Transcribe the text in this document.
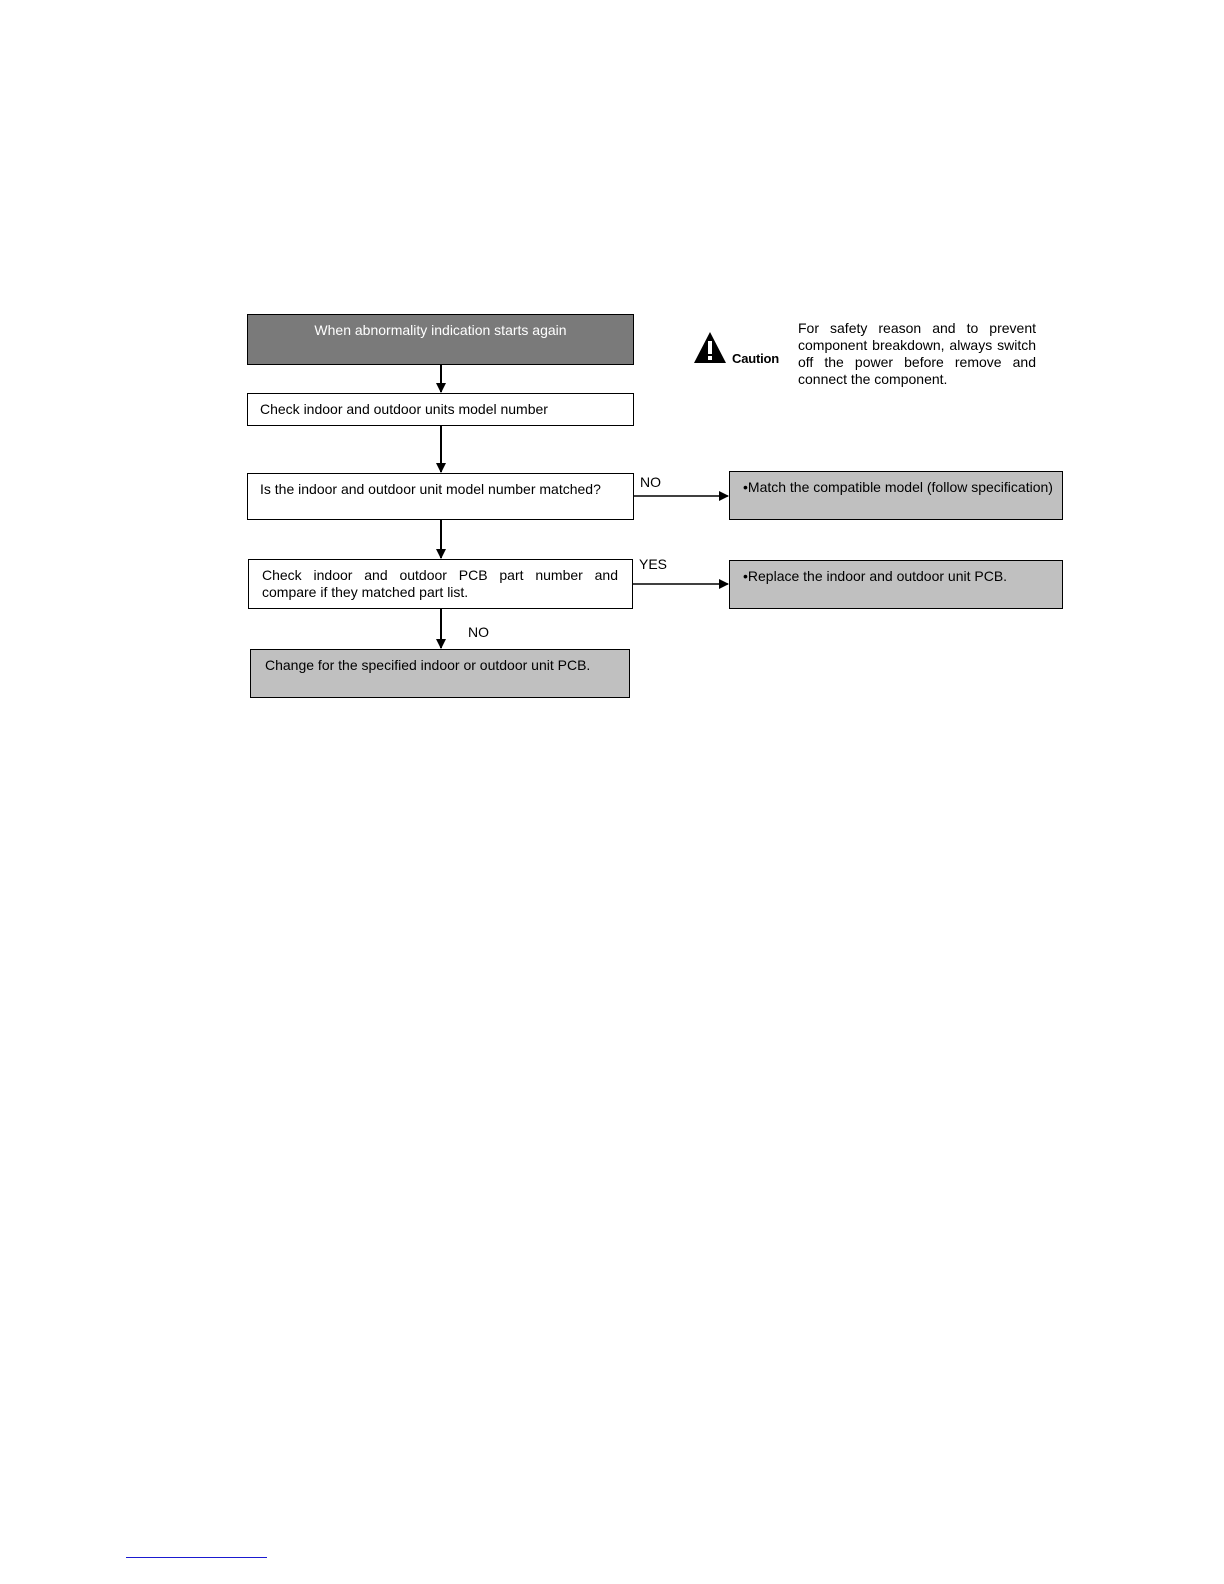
When abnormality indication starts again
Check indoor and outdoor units model number
Is the indoor and outdoor unit model number matched?
Check indoor and outdoor PCB part number and compare if they matched part list.
•Match the compatible model (follow specification)
•Replace the indoor and outdoor unit PCB.
Change for the specified indoor or outdoor unit PCB.
NO
YES
NO
Caution
For safety reason and to prevent component breakdown, always switch off the power before remove and connect the component.
